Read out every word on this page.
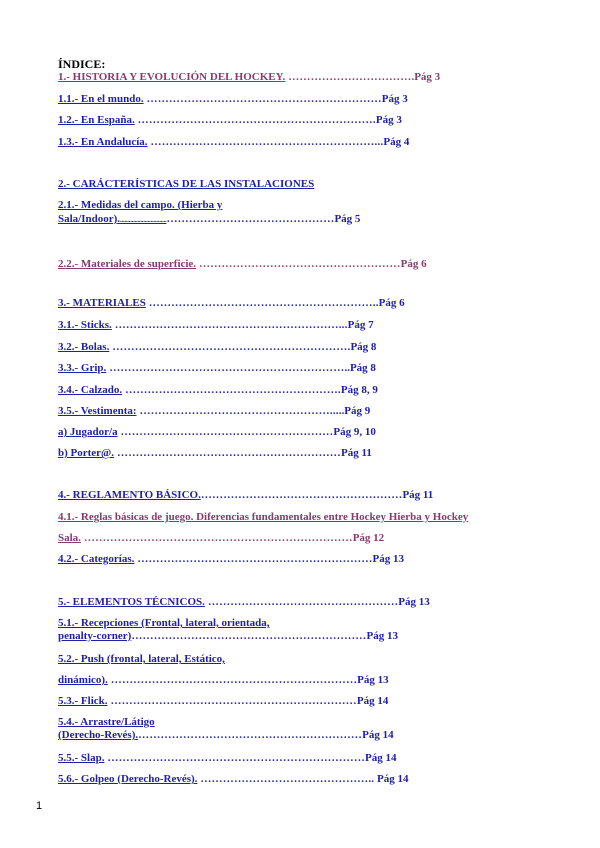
ÍNDICE:
1.- HISTORIA Y EVOLUCIÓN DEL HOCKEY. …………………………….Pág 3
1.1.- En el mundo. ………………………………………………………Pág 3
1.2.- En España. ……………………………………………………….Pág 3
1.3.- En Andalucía. ……………………………………………………...Pág 4
2.- CARÁCTERÍSTICAS DE LAS INSTALACIONES
2.1.- Medidas del campo. (Hierba y
Sala/Indoor).................................………………………………………Pág 5
2.2.- Materiales de superficie. ………………………………………………Pág 6
3.- MATERIALES ……………………………………………………..Pág 6
3.1.- Sticks. ……………………………………………………...Pág 7
3.2.- Bolas. ……………………………………………………….Pág 8
3.3.- Grip. ………………………………………………………..Pág 8
3.4.- Calzado. ………………………………………………….Pág 8, 9
3.5.- Vestimenta: …………………………………………….....Pág 9
a) Jugador/a …………………………………………………Pág 9, 10
b) Porter@. ……………………………………………………Pág 11
4.- REGLAMENTO BÁSICO.………………………………………………Pág 11
4.1.- Reglas básicas de juego. Diferencias fundamentales entre Hockey Hierba y Hockey
Sala. ………………………………………………………………Pág 12
4.2.- Categorías. ………………………………………………………Pág 13
5.- ELEMENTOS TÉCNICOS. ……………………………………………Pág 13
5.1.- Recepciones (Frontal, lateral, orientada,
penalty-corner)………………………………………………………Pág 13
5.2.- Push (frontal, lateral, Estático,
dinámico). …………………………………………………………Pág 13
5.3.- Flick. …………………………………………………………Pág 14
5.4.- Arrastre/Látigo
(Derecho-Revés).……………………………………………………Pág 14
5.5.- Slap. ……………………………………………………………Pág 14
5.6.- Golpeo (Derecho-Revés). ……………………………………….. Pág 14
1
